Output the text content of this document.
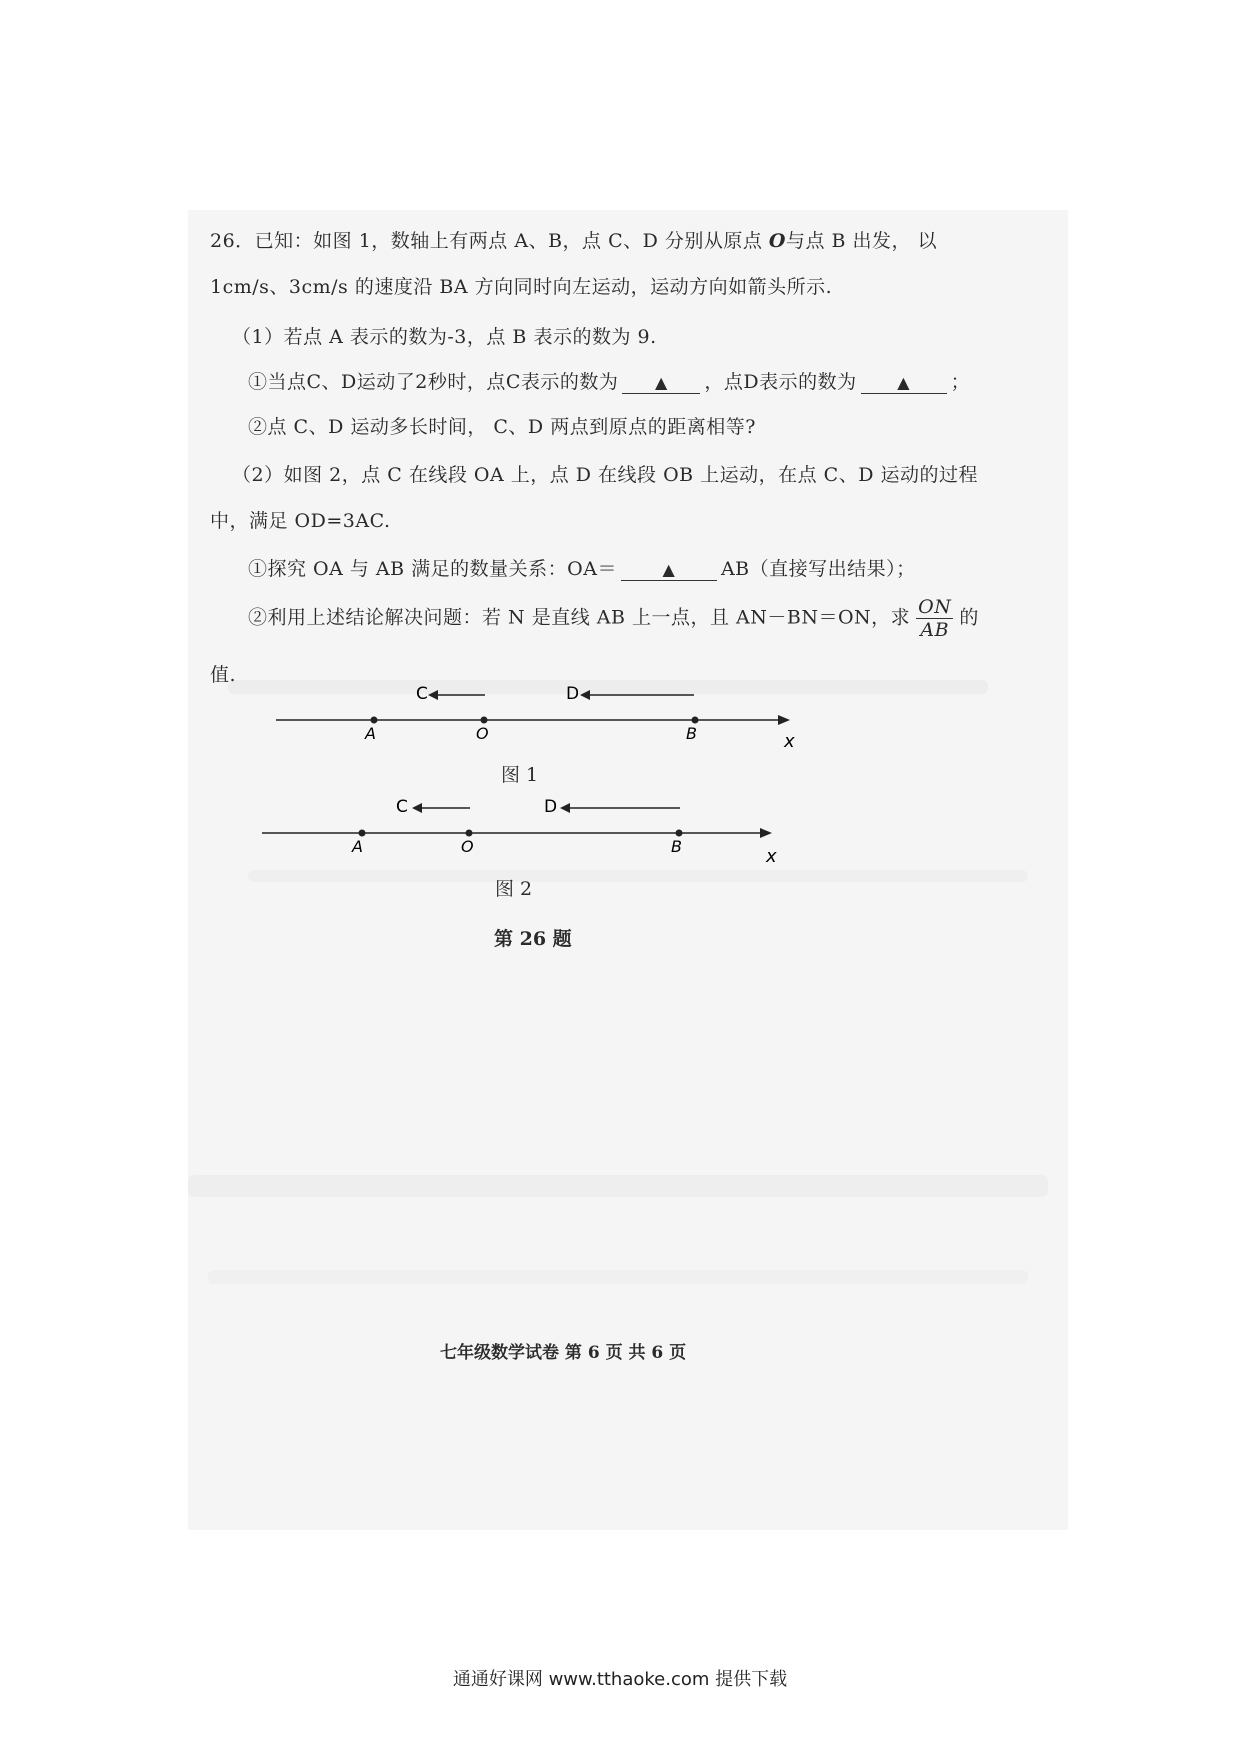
26．已知：如图 1，数轴上有两点 A、B，点 C、D 分别从原点 O与点 B 出发， 以
1cm/s、3cm/s 的速度沿 BA 方向同时向左运动，运动方向如箭头所示.
（1）若点 A 表示的数为-3，点 B 表示的数为 9.
①当点C、D运动了2秒时，点C表示的数为 ▲ ，点D表示的数为	▲ ；
②点 C、D 运动多长时间， C、D 两点到原点的距离相等?
（2）如图 2，点 C 在线段 OA 上，点 D 在线段 OB 上运动，在点 C、D 运动的过程
中，满足 OD=3AC.
①探究 OA 与 AB 满足的数量关系：OA＝	▲ AB（直接写出结果）；
②利用上述结论解决问题：若 N 是直线 AB 上一点，且 AN－BN＝ON，求 $\frac{ON}{AB}$ 的
值.
C	D
A	O	B	x
图 1
C	D
A	O	B	x
图 2
第 26 题
七年级数学试卷 第 6 页 共 6 页
通通好课网 www.tthaoke.com 提供下载
